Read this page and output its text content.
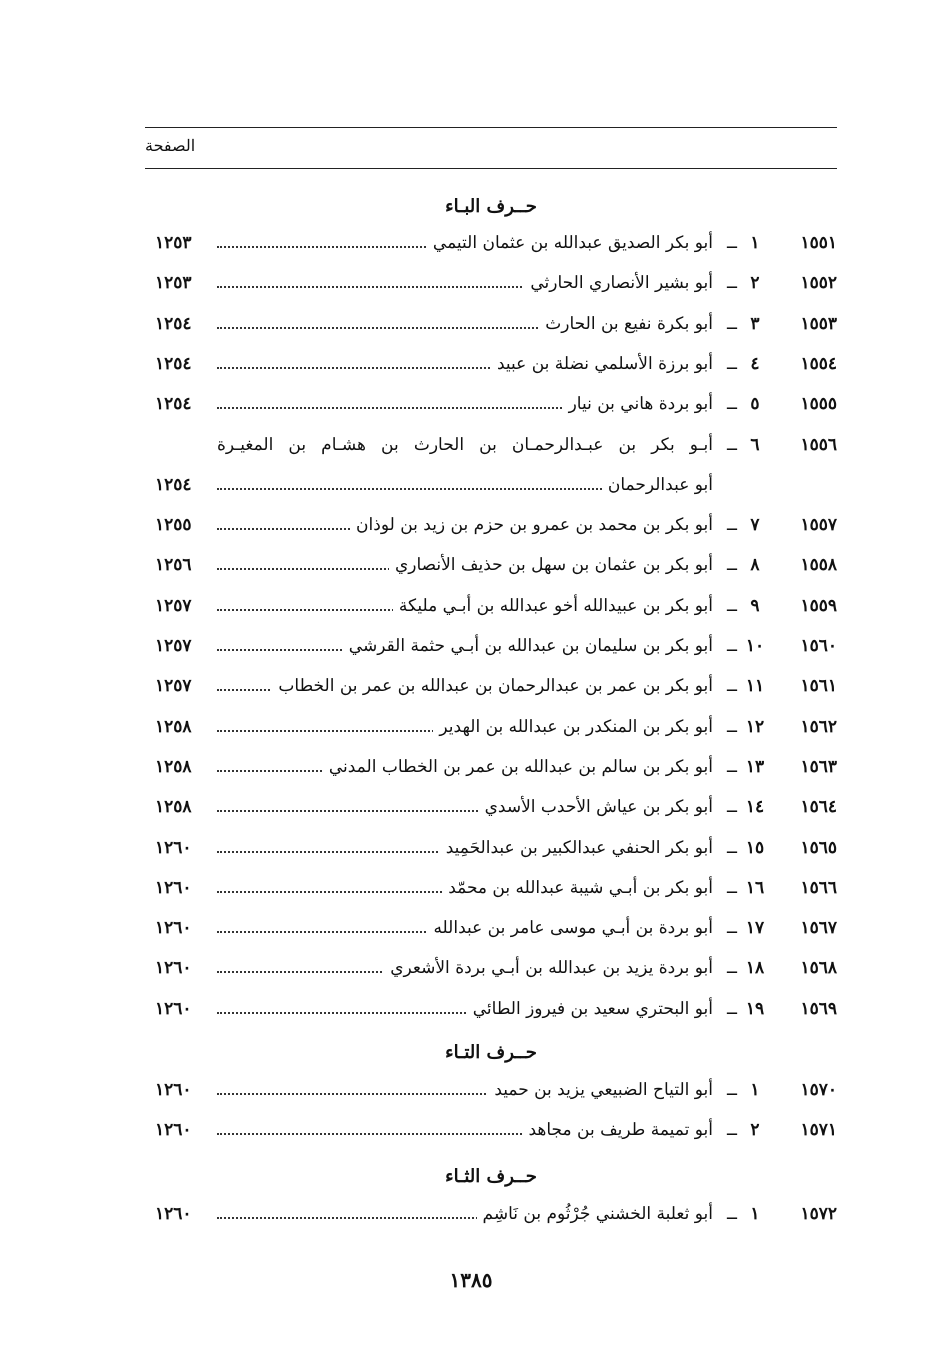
الصفحة
حــرف البـاء
١٥٥١
١
ــ
أبو بكر الصديق عبدالله بن عثمان التيمي
١٢٥٣
١٥٥٢
٢
ــ
أبو بشير الأنصاري الحارثي
١٢٥٣
١٥٥٣
٣
ــ
أبو بكرة نفيع بن الحارث
١٢٥٤
١٥٥٤
٤
ــ
أبو برزة الأسلمي نضلة بن عبيد
١٢٥٤
١٥٥٥
٥
ــ
أبو بردة هاني بن نيار
١٢٥٤
١٥٥٦
٦
ــ
أبـو بكر بن عبـدالرحمـان بن الحارث بن هشـام بن المغيـرة
أبو عبدالرحمان
١٢٥٤
١٥٥٧
٧
ــ
أبو بكر بن محمد بن عمرو بن حزم بن زيد بن لوذان
١٢٥٥
١٥٥٨
٨
ــ
أبو بكر بن عثمان بن سهل بن حذيف الأنصاري
١٢٥٦
١٥٥٩
٩
ــ
أبو بكر بن عبيدالله أخو عبدالله بن أبـي مليكة
١٢٥٧
١٥٦٠
١٠
ــ
أبو بكر بن سليمان بن عبدالله بن أبـي حثمة القرشي
١٢٥٧
١٥٦١
١١
ــ
أبو بكر بن عمر بن عبدالرحمان بن عبدالله بن عمر بن الخطاب
١٢٥٧
١٥٦٢
١٢
ــ
أبو بكر بن المنكدر بن عبدالله بن الهدير
١٢٥٨
١٥٦٣
١٣
ــ
أبو بكر بن سالم بن عبدالله بن عمر بن الخطاب المدني
١٢٥٨
١٥٦٤
١٤
ــ
أبو بكر بن عياش الأحدب الأسدي
١٢٥٨
١٥٦٥
١٥
ــ
أبو بكر الحنفي عبدالكبير بن عبدالحَمِيد
١٢٦٠
١٥٦٦
١٦
ــ
أبو بكر بن أبـي شيبة عبدالله بن محمّد
١٢٦٠
١٥٦٧
١٧
ــ
أبو بردة بن أبـي موسى عامر بن عبدالله
١٢٦٠
١٥٦٨
١٨
ــ
أبو بردة يزيد بن عبدالله بن أبـي بردة الأشعري
١٢٦٠
١٥٦٩
١٩
ــ
أبو البحتري سعيد بن فيروز الطائي
١٢٦٠
حــرف التـاء
١٥٧٠
١
ــ
أبو التياح الضبيعي يزيد بن حميد
١٢٦٠
١٥٧١
٢
ــ
أبو تميمة طريف بن مجاهد
١٢٦٠
حــرف الثـاء
١٥٧٢
١
ــ
أبو ثعلبة الخشني جُرْثُوم بن نَاشِم
١٢٦٠
١٣٨٥
